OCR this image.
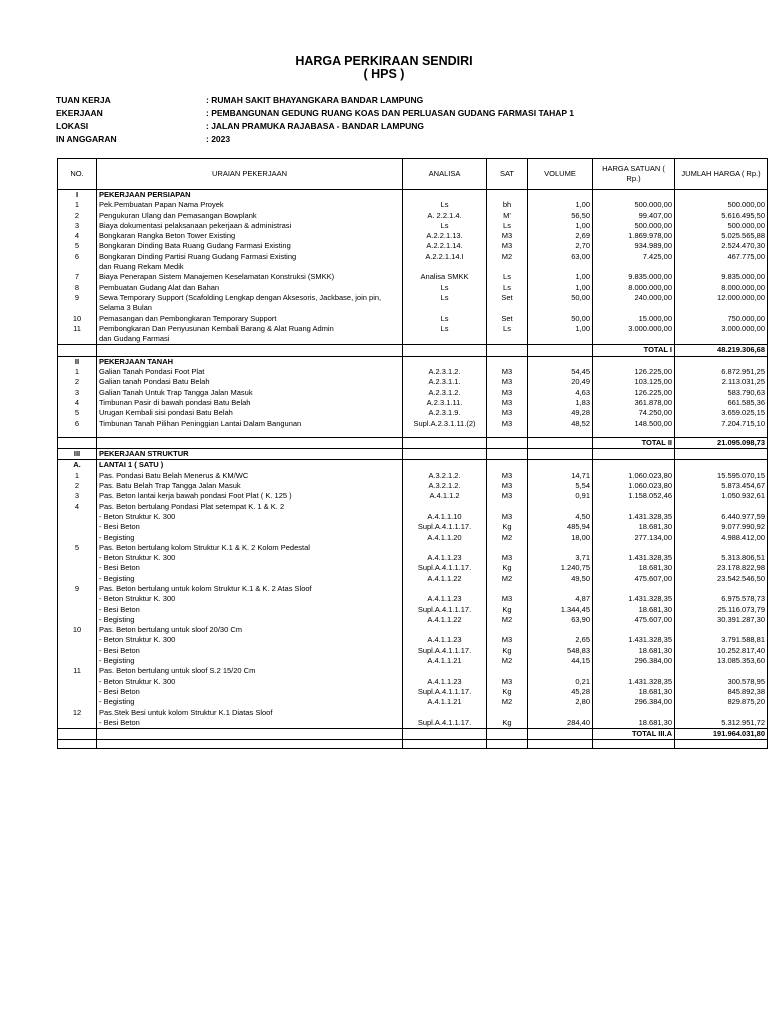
HARGA PERKIRAAN SENDIRI
( HPS )
TUAN KERJA	: RUMAH SAKIT BHAYANGKARA BANDAR LAMPUNG
EKERJAAN	: PEMBANGUNAN GEDUNG RUANG KOAS DAN PERLUASAN GUDANG FARMASI TAHAP 1
LOKASI	: JALAN PRAMUKA RAJABASA - BANDAR LAMPUNG
IN ANGGARAN	: 2023
NO.	URAIAN PEKERJAAN	ANALISA	SAT	VOLUME	HARGA SATUAN ( Rp.)	JUMLAH HARGA ( Rp.)
I	PEKERJAAN PERSIAPAN					
1	Pek.Pembuatan Papan Nama Proyek	Ls	bh	1,00	500.000,00	500.000,00
2	Pengukuran Ulang dan Pemasangan Bowplank	A. 2.2.1.4.	M'	56,50	99.407,00	5.616.495,50
3	Biaya dokumentasi pelaksanaan pekerjaan & administrasi	Ls	Ls	1,00	500.000,00	500.000,00
4	Bongkaran Rangka Beton Tower Existing	A.2.2.1.13.	M3	2,69	1.869.978,00	5.025.565,88
5	Bongkaran Dinding Bata Ruang Gudang Farmasi Existing	A.2.2.1.14.	M3	2,70	934.989,00	2.524.470,30
6	Bongkaran Dinding Partisi Ruang Gudang Farmasi Existing	A.2.2.1.14.I	M2	63,00	7.425,00	467.775,00
	dan Ruang Rekam Medik					
7	Biaya Penerapan Sistem Manajemen Keselamatan Konstruksi (SMKK)	Analisa SMKK	Ls	1,00	9.835.000,00	9.835.000,00
8	Pembuatan Gudang Alat dan Bahan	Ls	Ls	1,00	8.000.000,00	8.000.000,00
9	Sewa Temporary Support (Scafolding Lengkap dengan Aksesoris, Jackbase, join pin,	Ls	Set	50,00	240.000,00	12.000.000,00
	Selama 3 Bulan					
10	Pemasangan dan Pembongkaran Temporary Support	Ls	Set	50,00	15.000,00	750.000,00
11	Pembongkaran Dan Penyusunan Kembali Barang & Alat Ruang Admin	Ls	Ls	1,00	3.000.000,00	3.000.000,00
	dan Gudang Farmasi					
					TOTAL I	48.219.306,68
II	PEKERJAAN TANAH					
1	Galian Tanah Pondasi Foot Plat	A.2.3.1.2.	M3	54,45	126.225,00	6.872.951,25
2	Galian tanah Pondasi Batu Belah	A.2.3.1.1.	M3	20,49	103.125,00	2.113.031,25
3	Galian Tanah Untuk Trap Tangga Jalan Masuk	A.2.3.1.2.	M3	4,63	126.225,00	583.790,63
4	Timbunan Pasir di bawah pondasi Batu Belah	A.2.3.1.11.	M3	1,83	361.878,00	661.585,36
5	Urugan Kembali sisi pondasi Batu Belah	A.2.3.1.9.	M3	49,28	74.250,00	3.659.025,15
6	Timbunan Tanah Pilihan Peninggian Lantai Dalam Bangunan	Supl.A.2.3.1.11.(2)	M3	48,52	148.500,00	7.204.715,10

					TOTAL II	21.095.098,73
III	PEKERJAAN STRUKTUR					
A.	LANTAI 1 ( SATU )					
1	Pas. Pondasi Batu Belah Menerus & KM/WC	A.3.2.1.2.	M3	14,71	1.060.023,80	15.595.070,15
2	Pas. Batu Belah Trap Tangga Jalan Masuk	A.3.2.1.2.	M3	5,54	1.060.023,80	5.873.454,67
3	Pas. Beton lantai kerja bawah pondasi Foot Plat ( K. 125 )	A.4.1.1.2	M3	0,91	1.158.052,46	1.050.932,61
4	Pas. Beton bertulang Pondasi Plat setempat K. 1 & K. 2					
	- Beton Struktur K. 300	A.4.1.1.10	M3	4,50	1.431.328,35	6.440.977,59
	- Besi Beton	Supl.A.4.1.1.17.	Kg	485,94	18.681,30	9.077.990,92
	- Begisting	A.4.1.1.20	M2	18,00	277.134,00	4.988.412,00
5	Pas. Beton bertulang kolom Struktur K.1 & K. 2 Kolom Pedestal					
	- Beton Struktur K. 300	A.4.1.1.23	M3	3,71	1.431.328,35	5.313.806,51
	- Besi Beton	Supl.A.4.1.1.17.	Kg	1.240,75	18.681,30	23.178.822,98
	- Begisting	A.4.1.1.22	M2	49,50	475.607,00	23.542.546,50
9	Pas. Beton bertulang untuk kolom Struktur K.1 & K. 2 Atas Sloof					
	- Beton Struktur K. 300	A.4.1.1.23	M3	4,87	1.431.328,35	6.975.578,73
	- Besi Beton	Supl.A.4.1.1.17.	Kg	1.344,45	18.681,30	25.116.073,79
	- Begisting	A.4.1.1.22	M2	63,90	475.607,00	30.391.287,30
10	Pas. Beton bertulang untuk sloof 20/30 Cm					
	- Beton Struktur K. 300	A.4.1.1.23	M3	2,65	1.431.328,35	3.791.588,81
	- Besi Beton	Supl.A.4.1.1.17.	Kg	548,83	18.681,30	10.252.817,40
	- Begisting	A.4.1.1.21	M2	44,15	296.384,00	13.085.353,60
11	Pas. Beton bertulang untuk sloof S.2 15/20 Cm					
	- Beton Struktur K. 300	A.4.1.1.23	M3	0,21	1.431.328,35	300.578,95
	- Besi Beton	Supl.A.4.1.1.17.	Kg	45,28	18.681,30	845.892,38
	- Begisting	A.4.1.1.21	M2	2,80	296.384,00	829.875,20
12	Pas.Stek Besi untuk kolom Struktur K.1 Diatas Sloof					
	- Besi Beton	Supl.A.4.1.1.17.	Kg	284,40	18.681,30	5.312.951,72
					TOTAL III.A	191.964.031,80
